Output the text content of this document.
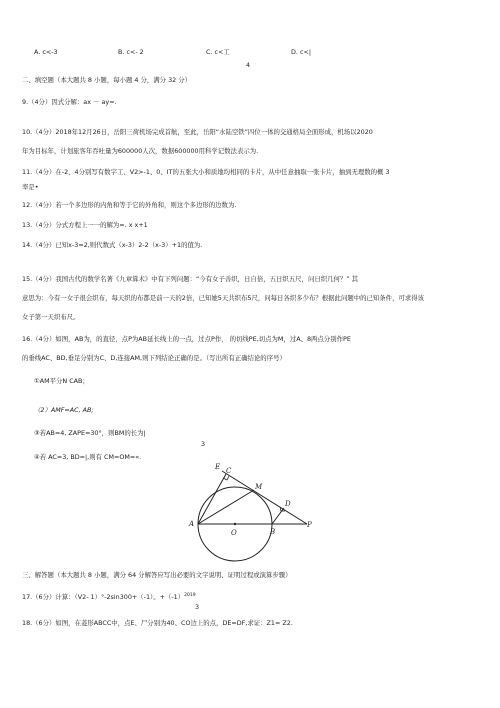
A. c<-3	B. c<- 2	C. c<工	D. c<|
4
二、填空题（本大题共 8 小题，每小题 4 分，满分 32 分）
9.（4分）因式分解：ax － ay=.
10.（4分）2018年12月26日，岳阳三荷机场完成首航，至此，岳阳“水陆空铁”四位一体的交通格局全面形成，机场以2020
年为目标年，计划旅客年吞吐量为600000人次，数据600000用科学记数法表示为.
11.（4分）在-2，4分别写有数字工、V2>-1、0、IT的五张大小和质地均相同的卡片，从中任意抽取一张卡片，抽到无理数的概 3
率是•
12.（4分）若一个多边形的内角和等于它的外角和，则这个多边形的边数为.
13.（4分）分式方程上一一的解为=. x x+1
14.（4分）已知x-3=2,则代数式（x-3）2-2（x-3）+1的值为.
15.（4分）我国古代的数学名著《九章算术》中有下列问题：“今有女子善织，日自倍，五日织五尺，问日织几何？” 其
意思为：今有一女子很会织布，每天织的布都是前一天的2倍，已知她5天共织布5尺，问每日各织多少布？根据此问题中的已知条件，可求得该
女子第一天织布尺。
16.（4分）如图，AB为，的直径，点P为AB延长线上的一点，过点P作， 的切线PE,切点为M，过A、8两点分别作PE
的垂线AC、BD,垂足分别为C、D,连接AM,则下列结论正确的是。（写出所有正确结论的序号）
①AM平分N CAB；
（2）AMF=AC, AB;
③若AB=4, ZAPE=30°，则BM的长为|
3
④若 AC=3, BD=|,则有 CM=OM=«.
E C
M
D
A
O	B
P
三、解答题（本大题共 8 小题，满分 64 分解答应写出必要的文字说明、证明过程或演算步骤）
17.（6分）计算：（V2- 1）°-2sin300+（-1）。$+(-1)^{2019}$
3
18.（6分）如图，在菱形ABCC中，点E、尸分别为40、CO边上的点，DE=DF,求证：Z1= Z2.
